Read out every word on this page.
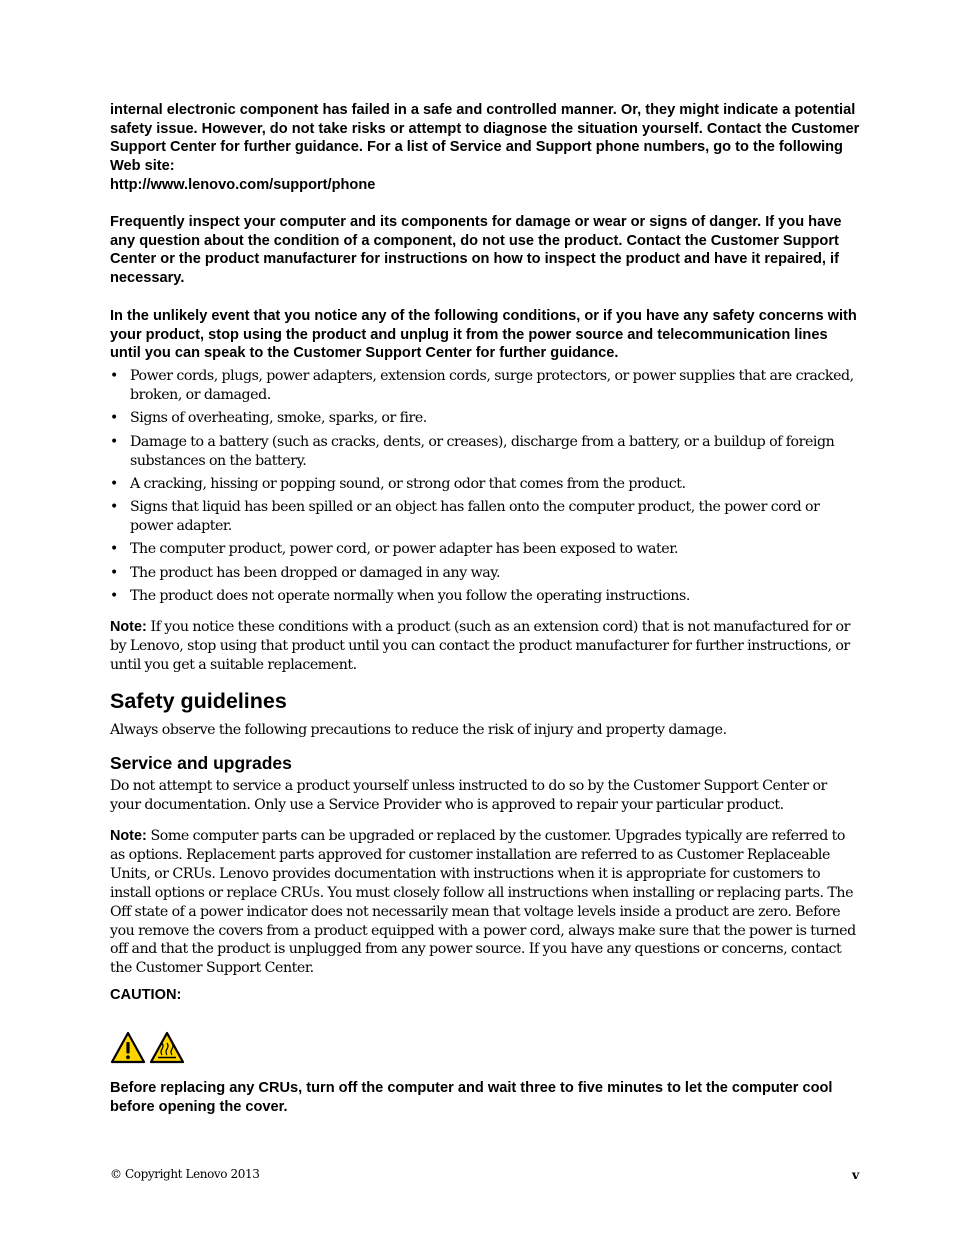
internal electronic component has failed in a safe and controlled manner. Or, they might indicate a potential safety issue. However, do not take risks or attempt to diagnose the situation yourself. Contact the Customer Support Center for further guidance. For a list of Service and Support phone numbers, go to the following Web site:
http://www.lenovo.com/support/phone

Frequently inspect your computer and its components for damage or wear or signs of danger. If you have any question about the condition of a component, do not use the product. Contact the Customer Support Center or the product manufacturer for instructions on how to inspect the product and have it repaired, if necessary.

In the unlikely event that you notice any of the following conditions, or if you have any safety concerns with your product, stop using the product and unplug it from the power source and telecommunication lines until you can speak to the Customer Support Center for further guidance.

• Power cords, plugs, power adapters, extension cords, surge protectors, or power supplies that are cracked, broken, or damaged.
• Signs of overheating, smoke, sparks, or fire.
• Damage to a battery (such as cracks, dents, or creases), discharge from a battery, or a buildup of foreign substances on the battery.
• A cracking, hissing or popping sound, or strong odor that comes from the product.
• Signs that liquid has been spilled or an object has fallen onto the computer product, the power cord or power adapter.
• The computer product, power cord, or power adapter has been exposed to water.
• The product has been dropped or damaged in any way.
• The product does not operate normally when you follow the operating instructions.

Note: If you notice these conditions with a product (such as an extension cord) that is not manufactured for or by Lenovo, stop using that product until you can contact the product manufacturer for further instructions, or until you get a suitable replacement.

Safety guidelines

Always observe the following precautions to reduce the risk of injury and property damage.

Service and upgrades

Do not attempt to service a product yourself unless instructed to do so by the Customer Support Center or your documentation. Only use a Service Provider who is approved to repair your particular product.

Note: Some computer parts can be upgraded or replaced by the customer. Upgrades typically are referred to as options. Replacement parts approved for customer installation are referred to as Customer Replaceable Units, or CRUs. Lenovo provides documentation with instructions when it is appropriate for customers to install options or replace CRUs. You must closely follow all instructions when installing or replacing parts. The Off state of a power indicator does not necessarily mean that voltage levels inside a product are zero. Before you remove the covers from a product equipped with a power cord, always make sure that the power is turned off and that the product is unplugged from any power source. If you have any questions or concerns, contact the Customer Support Center.

CAUTION:

Before replacing any CRUs, turn off the computer and wait three to five minutes to let the computer cool before opening the cover.

© Copyright Lenovo 2013	v
